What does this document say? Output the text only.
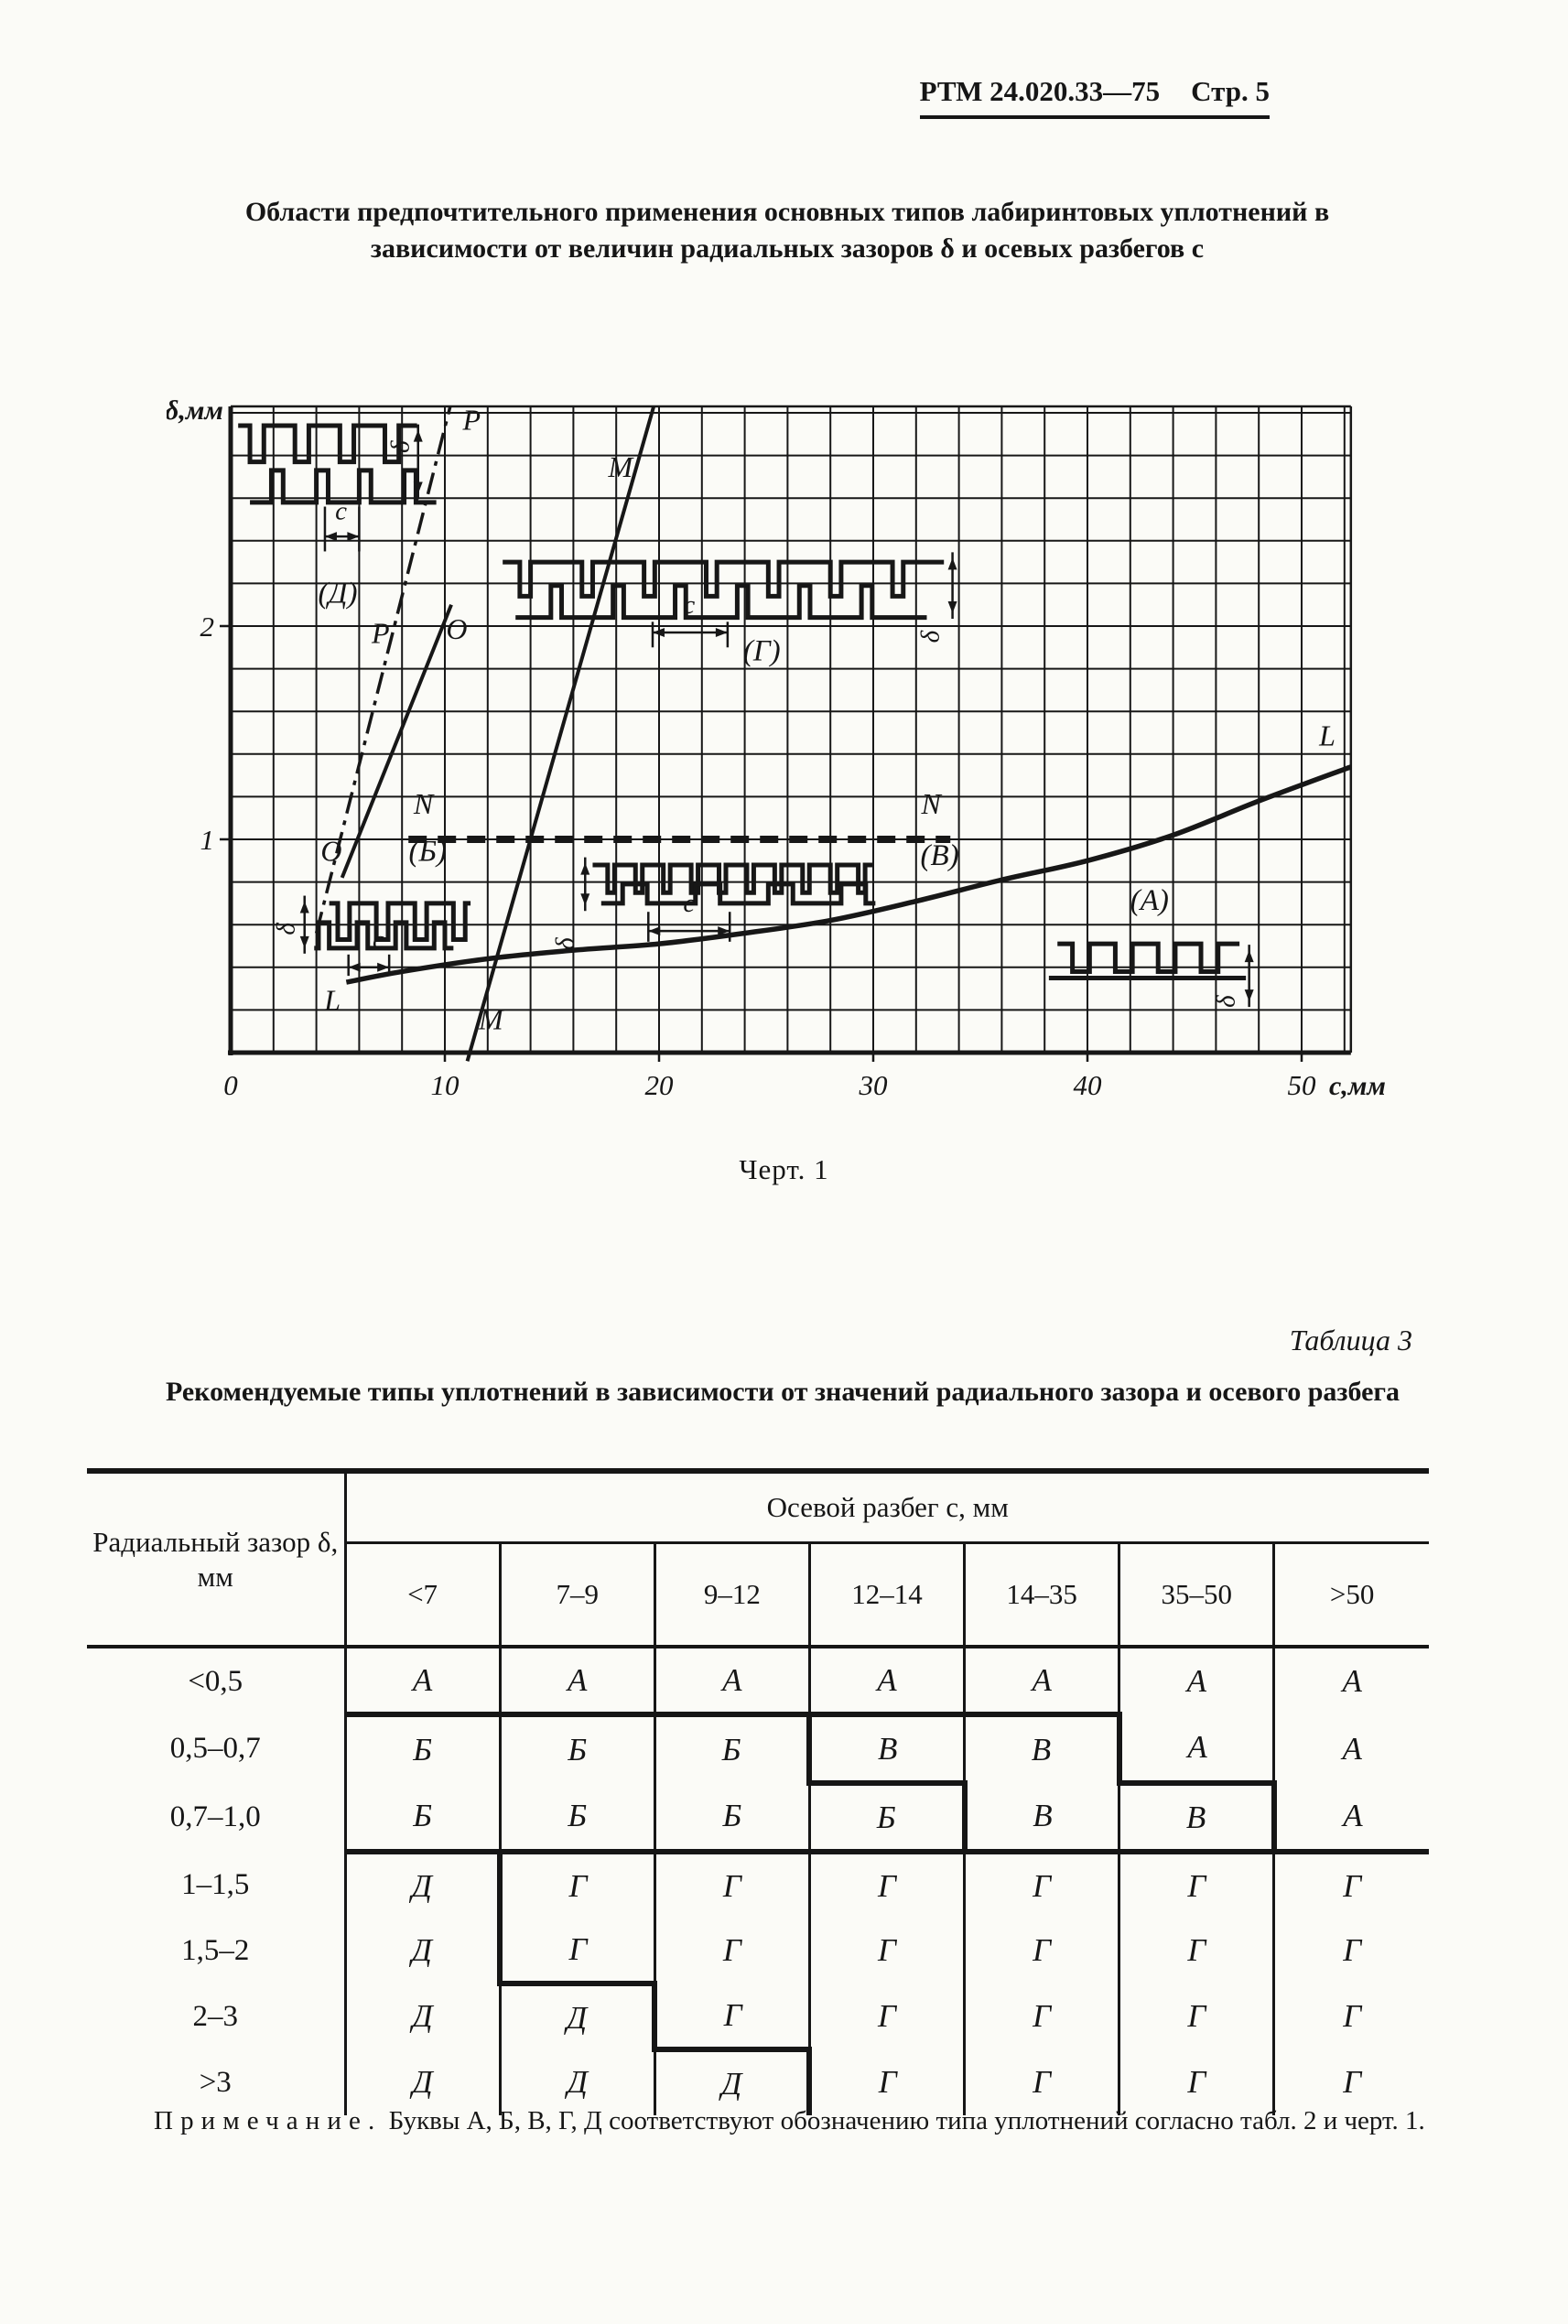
РТМ 24.020.33—75 Стр. 5

Области предпочтительного применения основных типов лабиринтовых уплотнений в зависимости от величин радиальных зазоров δ и осевых разбегов с

0	10	20	30	40	50
1
2
с,мм
δ,мм
с
δ
с
δ
с
δ
с
δ
δ
Р
Р О
О
М
М
N	N
L
L
(Д)
(Г)
(Б)	(В)
(А)

Черт. 1

Таблица 3

Рекомендуемые типы уплотнений в зависимости от значений радиального зазора и осевого разбега

Радиальный зазор δ, мм	Осевой разбег с, мм						
	<7	7–9	9–12	12–14	14–35	35–50	>50
<0,5	А	А	А	А	А	А	А
0,5–0,7	Б	Б	Б	В	В	А	А
0,7–1,0	Б	Б	Б	Б	В	В	А
1–1,5	Д	Г	Г	Г	Г	Г	Г
1,5–2	Д	Г	Г	Г	Г	Г	Г
2–3	Д	Д	Г	Г	Г	Г	Г
>3	Д	Д	Д	Г	Г	Г	Г

Примечание. Буквы А, Б, В, Г, Д соответствуют обозначению типа уплотнений согласно табл. 2 и черт. 1.
